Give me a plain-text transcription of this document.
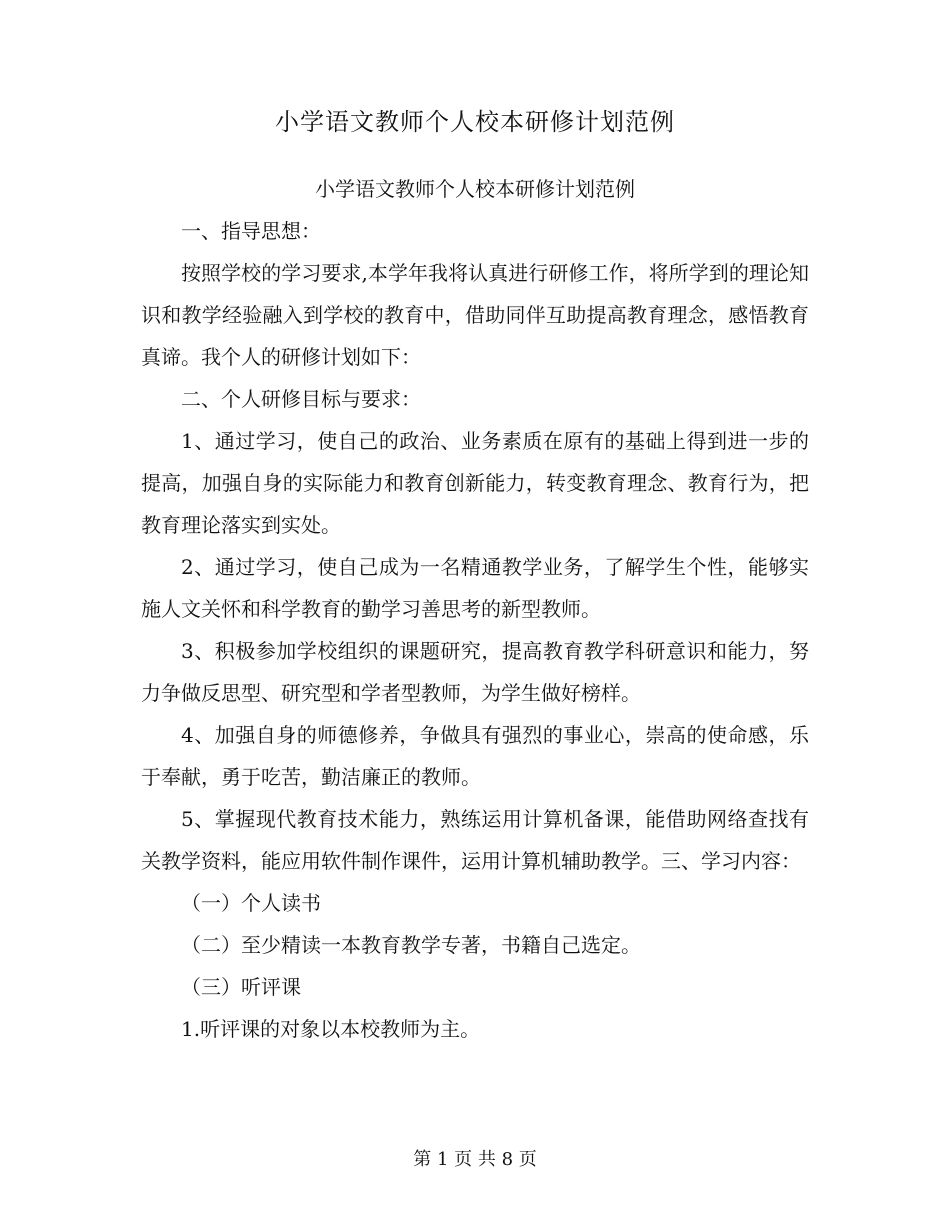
小学语文教师个人校本研修计划范例

小学语文教师个人校本研修计划范例

一、指导思想：

按照学校的学习要求,本学年我将认真进行研修工作，将所学到的理论知识和教学经验融入到学校的教育中，借助同伴互助提高教育理念，感悟教育真谛。我个人的研修计划如下：

二、个人研修目标与要求：

1、通过学习，使自己的政治、业务素质在原有的基础上得到进一步的提高，加强自身的实际能力和教育创新能力，转变教育理念、教育行为，把教育理论落实到实处。

2、通过学习，使自己成为一名精通教学业务，了解学生个性，能够实施人文关怀和科学教育的勤学习善思考的新型教师。

3、积极参加学校组织的课题研究，提高教育教学科研意识和能力，努力争做反思型、研究型和学者型教师，为学生做好榜样。

4、加强自身的师德修养，争做具有强烈的事业心，崇高的使命感，乐于奉献，勇于吃苦，勤洁廉正的教师。

5、掌握现代教育技术能力，熟练运用计算机备课，能借助网络查找有关教学资料，能应用软件制作课件，运用计算机辅助教学。三、学习内容：

（一）个人读书

（二）至少精读一本教育教学专著，书籍自己选定。

（三）听评课

1.听评课的对象以本校教师为主。

第 1 页 共 8 页
